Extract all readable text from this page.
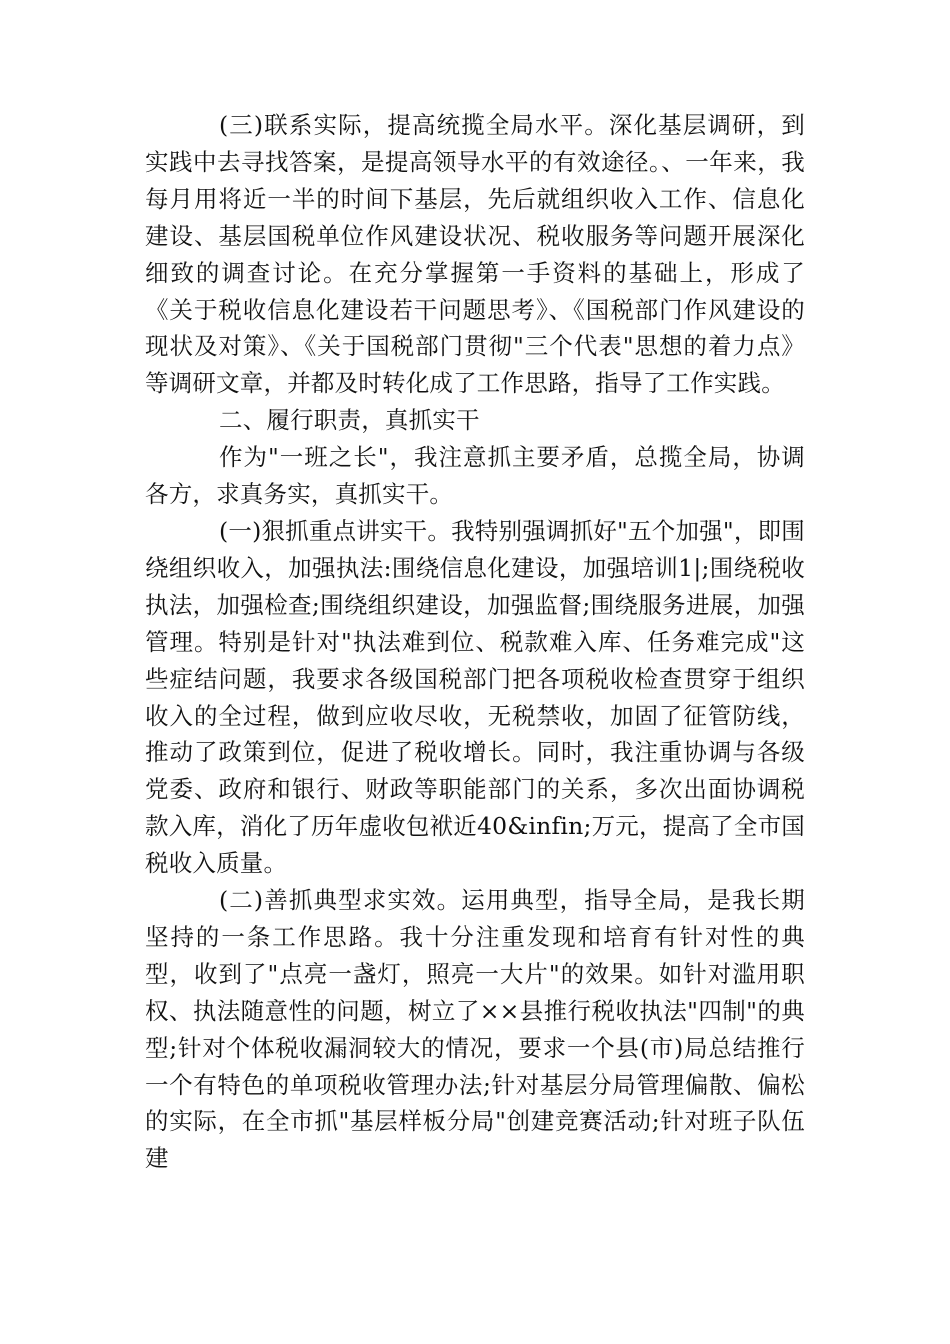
(三)联系实际，提高统揽全局水平。深化基层调研，到实践中去寻找答案，是提高领导水平的有效途径。、一年来，我每月用将近一半的时间下基层，先后就组织收入工作、信息化建设、基层国税单位作风建设状况、税收服务等问题开展深化细致的调查讨论。在充分掌握第一手资料的基础上，形成了《关于税收信息化建设若干问题思考》、《国税部门作风建设的现状及对策》、《关于国税部门贯彻"三个代表"思想的着力点》等调研文章，并都及时转化成了工作思路，指导了工作实践。

二、履行职责，真抓实干

作为"一班之长"，我注意抓主要矛盾，总揽全局，协调各方，求真务实，真抓实干。

(一)狠抓重点讲实干。我特别强调抓好"五个加强"，即围绕组织收入，加强执法:围绕信息化建设，加强培训1|;围绕税收执法，加强检查;围绕组织建设，加强监督;围绕服务进展，加强管理。特别是针对"执法难到位、税款难入库、任务难完成"这些症结问题，我要求各级国税部门把各项税收检查贯穿于组织收入的全过程，做到应收尽收，无税禁收，加固了征管防线，推动了政策到位，促进了税收增长。同时，我注重协调与各级党委、政府和银行、财政等职能部门的关系，多次出面协调税款入库，消化了历年虚收包袱近40&infin;万元，提高了全市国税收入质量。

(二)善抓典型求实效。运用典型，指导全局，是我长期坚持的一条工作思路。我十分注重发现和培育有针对性的典型，收到了"点亮一盏灯，照亮一大片"的效果。如针对滥用职权、执法随意性的问题，树立了××县推行税收执法"四制"的典型;针对个体税收漏洞较大的情况，要求一个县(市)局总结推行一个有特色的单项税收管理办法;针对基层分局管理偏散、偏松的实际，在全市抓"基层样板分局"创建竞赛活动;针对班子队伍建
